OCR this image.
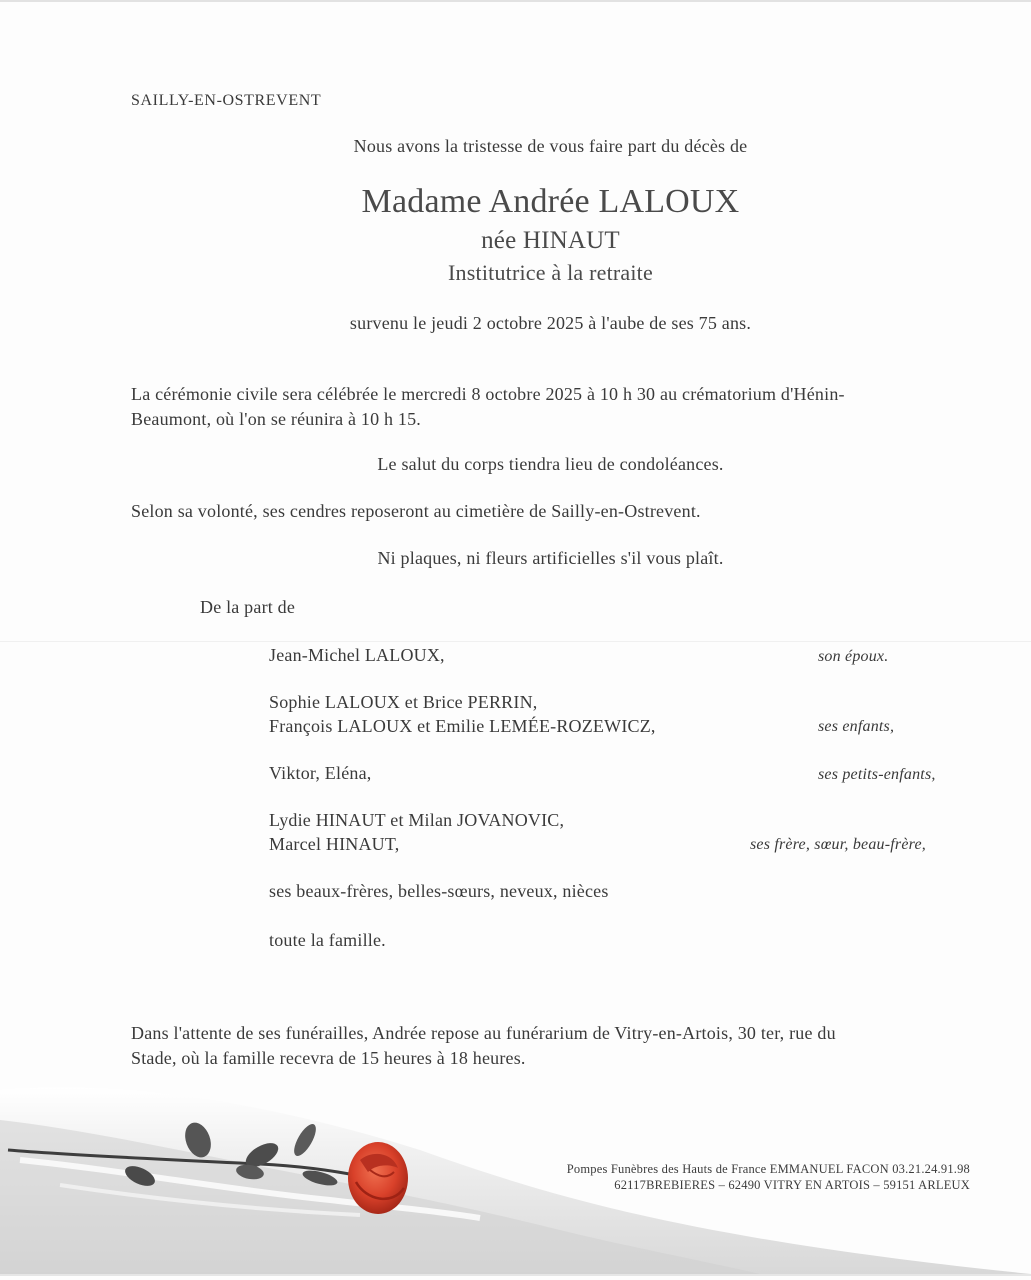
SAILLY-EN-OSTREVENT
Nous avons la tristesse de vous faire part du décès de
Madame Andrée LALOUX
née HINAUT
Institutrice à la retraite
survenu le jeudi 2 octobre 2025 à l'aube de ses 75 ans.
La cérémonie civile sera célébrée le mercredi 8 octobre 2025 à 10 h 30 au crématorium d'Hénin-
Beaumont, où l'on se réunira à 10 h 15.
Le salut du corps tiendra lieu de condoléances.
Selon sa volonté, ses cendres reposeront au cimetière de Sailly-en-Ostrevent.
Ni plaques, ni fleurs artificielles s'il vous plaît.
De la part de
Jean-Michel LALOUX,	son époux.
Sophie LALOUX et Brice PERRIN,
François LALOUX et Emilie LEMÉE-ROZEWICZ,	ses enfants,
Viktor, Eléna,	ses petits-enfants,
Lydie HINAUT et Milan JOVANOVIC,
Marcel HINAUT,	ses frère, sœur, beau-frère,
ses beaux-frères, belles-sœurs, neveux, nièces
toute la famille.
Dans l'attente de ses funérailles, Andrée repose au funérarium de Vitry-en-Artois, 30 ter, rue du
Stade, où la famille recevra de 15 heures à 18 heures.
Pompes Funèbres des Hauts de France EMMANUEL FACON 03.21.24.91.98
62117BREBIERES – 62490 VITRY EN ARTOIS – 59151 ARLEUX
